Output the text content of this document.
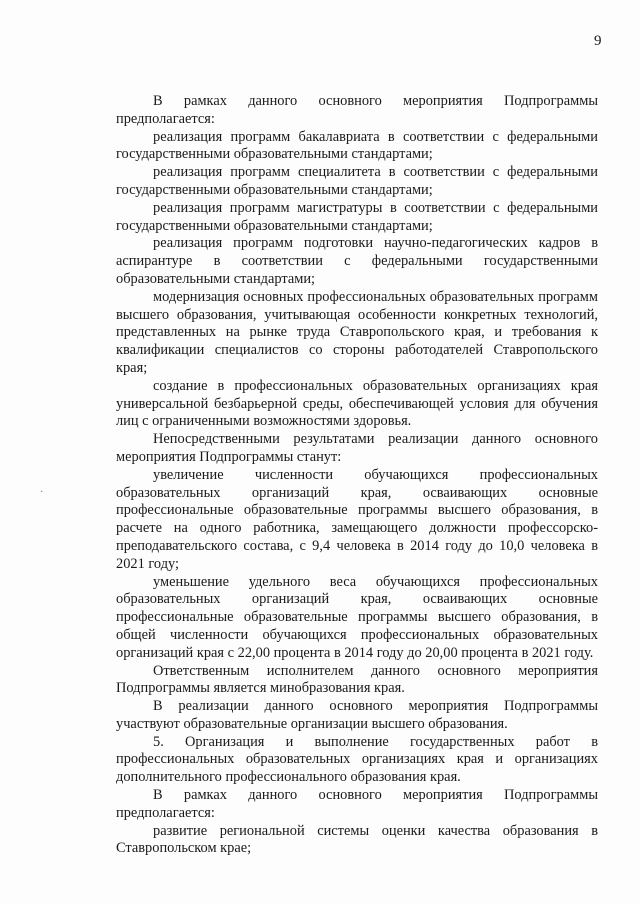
9
·

В рамках данного основного мероприятия Подпрограммы предполагается:

реализация программ бакалавриата в соответствии с федеральными государственными образовательными стандартами;

реализация программ специалитета в соответствии с федеральными государственными образовательными стандартами;

реализация программ магистратуры в соответствии с федеральными государственными образовательными стандартами;

реализация программ подготовки научно-педагогических кадров в аспирантуре в соответствии с федеральными государственными образовательными стандартами;

модернизация основных профессиональных образовательных программ высшего образования, учитывающая особенности конкретных технологий, представленных на рынке труда Ставропольского края, и требования к квалификации специалистов со стороны работодателей Ставропольского края;

создание в профессиональных образовательных организациях края универсальной безбарьерной среды, обеспечивающей условия для обучения лиц с ограниченными возможностями здоровья.

Непосредственными результатами реализации данного основного мероприятия Подпрограммы станут:

увеличение численности обучающихся профессиональных образовательных организаций края, осваивающих основные профессиональные образовательные программы высшего образования, в расчете на одного работника, замещающего должности профессорско-преподавательского состава, с 9,4 человека в 2014 году до 10,0 человека в 2021 году;

уменьшение удельного веса обучающихся профессиональных образовательных организаций края, осваивающих основные профессиональные образовательные программы высшего образования, в общей численности обучающихся профессиональных образовательных организаций края с 22,00 процента в 2014 году до 20,00 процента в 2021 году.

Ответственным исполнителем данного основного мероприятия Подпрограммы является минобразования края.

В реализации данного основного мероприятия Подпрограммы участвуют образовательные организации высшего образования.

5. Организация и выполнение государственных работ в профессиональных образовательных организациях края и организациях дополнительного профессионального образования края.

В рамках данного основного мероприятия Подпрограммы предполагается:

развитие региональной системы оценки качества образования в Ставропольском крае;
